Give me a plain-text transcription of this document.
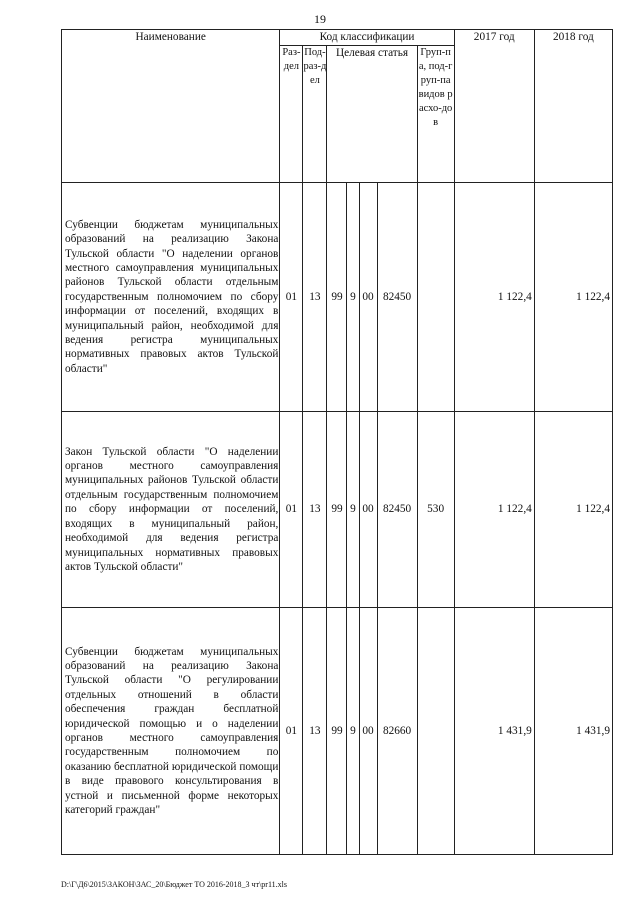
19
Наименование	Код классификации							2017 год	2018 год
	Раз-дел	Под-раз-дел	Целевая статья				Груп-па, под-груп-па видов расхо-дов		
Субвенции бюджетам муниципальных образований на реализацию Закона Тульской области "О наделении органов местного самоуправления муниципальных районов Тульской области отдельным государственным полномочием по сбору информации от поселений, входящих в муниципальный район, необходимой для ведения регистра муниципальных нормативных правовых актов Тульской области"	01	13	99	9	00	82450		1 122,4	1 122,4
Закон Тульской области "О наделении органов местного самоуправления муниципальных районов Тульской области отдельным государственным полномочием по сбору информации от поселений, входящих в муниципальный район, необходимой для ведения регистра муниципальных нормативных правовых актов Тульской области"	01	13	99	9	00	82450	530	1 122,4	1 122,4
Субвенции бюджетам муниципальных образований на реализацию Закона Тульской области "О регулировании отдельных отношений в области обеспечения граждан бесплатной юридической помощью и о наделении органов местного самоуправления государственным полномочием по оказанию бесплатной юридической помощи в виде правового консультирования в устной и письменной форме некоторых категорий граждан"	01	13	99	9	00	82660		1 431,9	1 431,9
D:\Г\Д6\2015\ЗАКОН\ЗАС_20\Бюджет ТО 2016-2018_3 чт\pr11.xls
